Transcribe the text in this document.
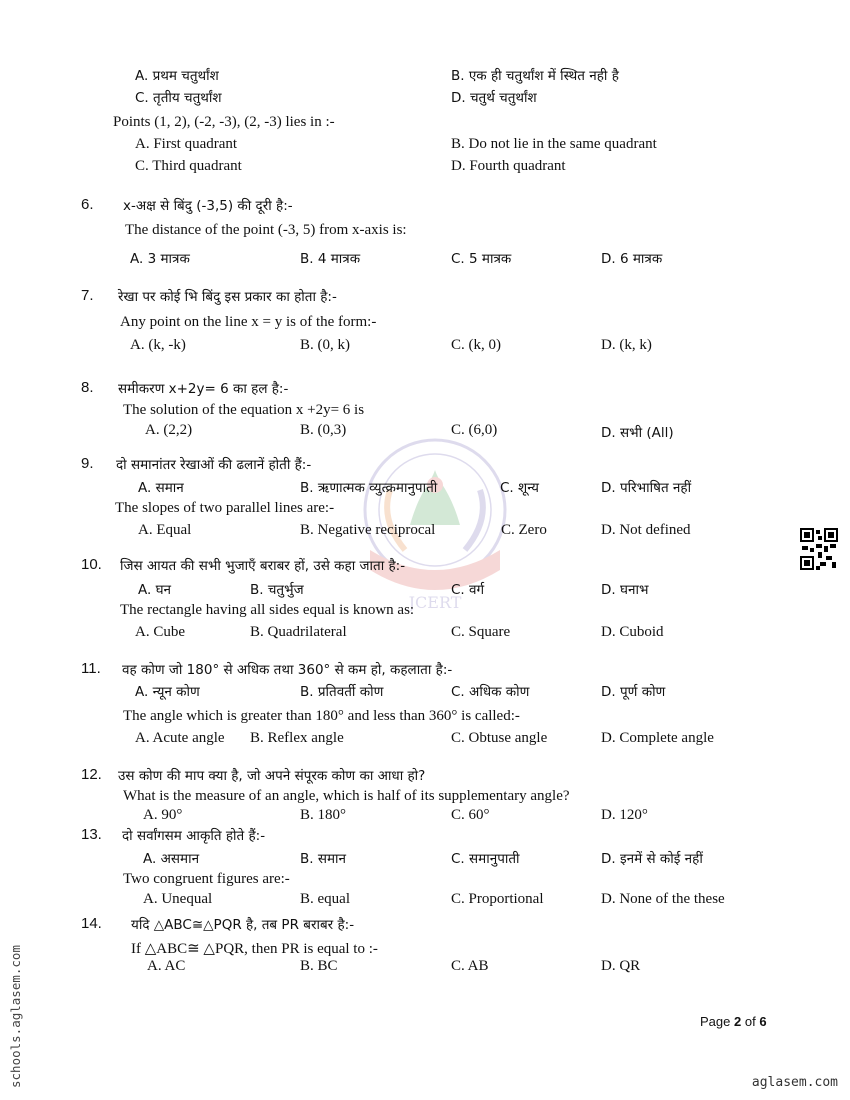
A. प्रथम चतुर्थांश	B. एक ही चतुर्थांश में स्थित नही है
C. तृतीय चतुर्थांश	D. चतुर्थ चतुर्थांश
Points (1, 2), (-2, -3), (2, -3) lies in :-
A. First quadrant	B. Do not lie in the same quadrant
C. Third quadrant	D. Fourth quadrant
6. x-अक्ष से बिंदु (-3,5) की दूरी है:-
The distance of the point (-3, 5) from x-axis is:
A. 3 मात्रक	B. 4 मात्रक	C. 5 मात्रक	D. 6 मात्रक
7. रेखा पर कोई भि बिंदु इस प्रकार का होता है:-
Any point on the line x = y is of the form:-
A. (k, -k)	B. (0, k)	C. (k, 0)	D. (k, k)
8. समीकरण x+2y= 6 का हल है:-
The solution of the equation x +2y= 6 is
A. (2,2)	B. (0,3)	C. (6,0)	D. सभी (All)
JCERT
9. दो समानांतर रेखाओं की ढलानें होती हैं:-
A. समान	B. ऋणात्मक व्युत्क्रमानुपाती	C. शून्य	D. परिभाषित नहीं
The slopes of two parallel lines are:-
A. Equal	B. Negative reciprocal	C. Zero	D. Not defined
10. जिस आयत की सभी भुजाएँ बराबर हों, उसे कहा जाता है:-
A. घन	B. चतुर्भुज	C. वर्ग	D. घनाभ
The rectangle having all sides equal is known as:
A. Cube	B. Quadrilateral	C. Square	D. Cuboid
11. वह कोण जो 180° से अधिक तथा 360° से कम हो, कहलाता है:-
A. न्यून कोण	B. प्रतिवर्ती कोण	C. अधिक कोण	D. पूर्ण कोण
The angle which is greater than 180° and less than 360° is called:-
A. Acute angle B. Reflex angle	C. Obtuse angle	D. Complete angle
12. उस कोण की माप क्या है, जो अपने संपूरक कोण का आधा हो?
What is the measure of an angle, which is half of its supplementary angle?
A. 90°	B. 180°	C. 60°	D. 120°
13. दो सर्वांगसम आकृति होते हैं:-
A. असमान	B. समान	C. समानुपाती	D. इनमें से कोई नहीं
Two congruent figures are:-
A. Unequal	B. equal	C. Proportional	D. None of the these
14. यदि △ABC≅△PQR है, तब PR बराबर है:-
If △ABC≅ △PQR, then PR is equal to :-
A. AC	B. BC	C. AB	D. QR
Page 2 of 6
aglasem.com
schools.aglasem.com
